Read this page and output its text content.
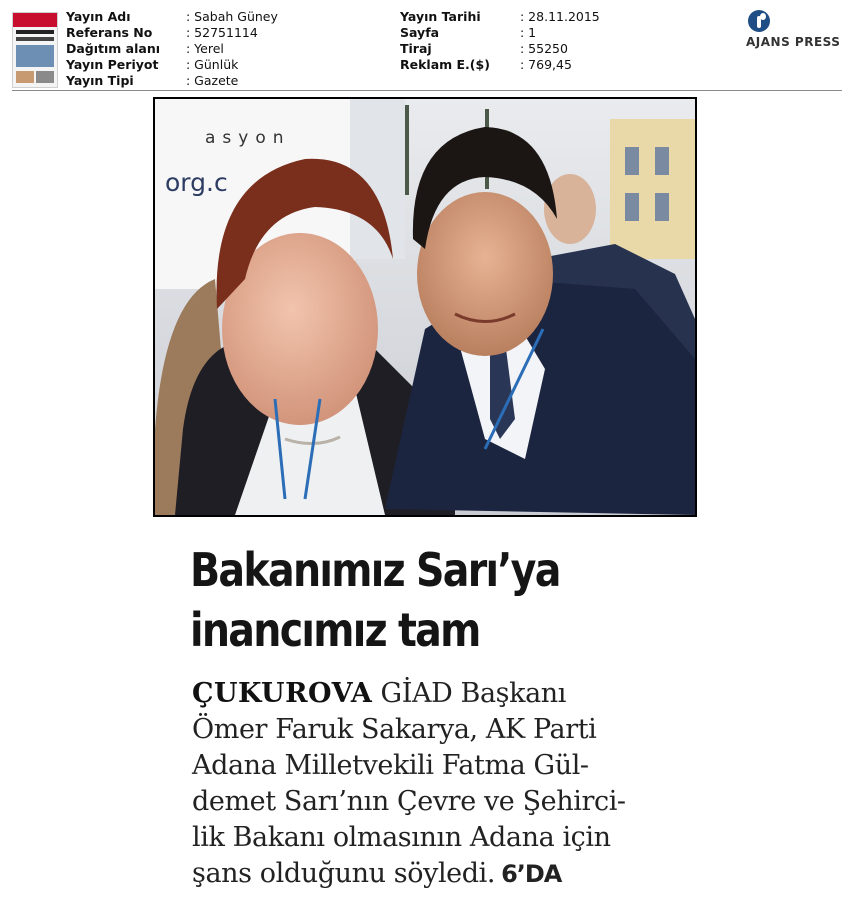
Yayın Adı	: Sabah Güney
Referans No	: 52751114
Dağıtım alanı	: Yerel
Yayın Periyot	: Günlük
Yayın Tipi	: Gazete
Yayın Tarihi	: 28.11.2015
Sayfa	: 1
Tiraj	: 55250
Reklam E.($)	: 769,45
AJANS PRESS
asyon
org.c
Bakanımız Sarı’ya
inancımız tam
ÇUKUROVA GİAD Başkanı
Ömer Faruk Sakarya, AK Parti
Adana Milletvekili Fatma Gül-
demet Sarı’nın Çevre ve Şehirci-
lik Bakanı olmasının Adana için
şans olduğunu söyledi. 6’DA
